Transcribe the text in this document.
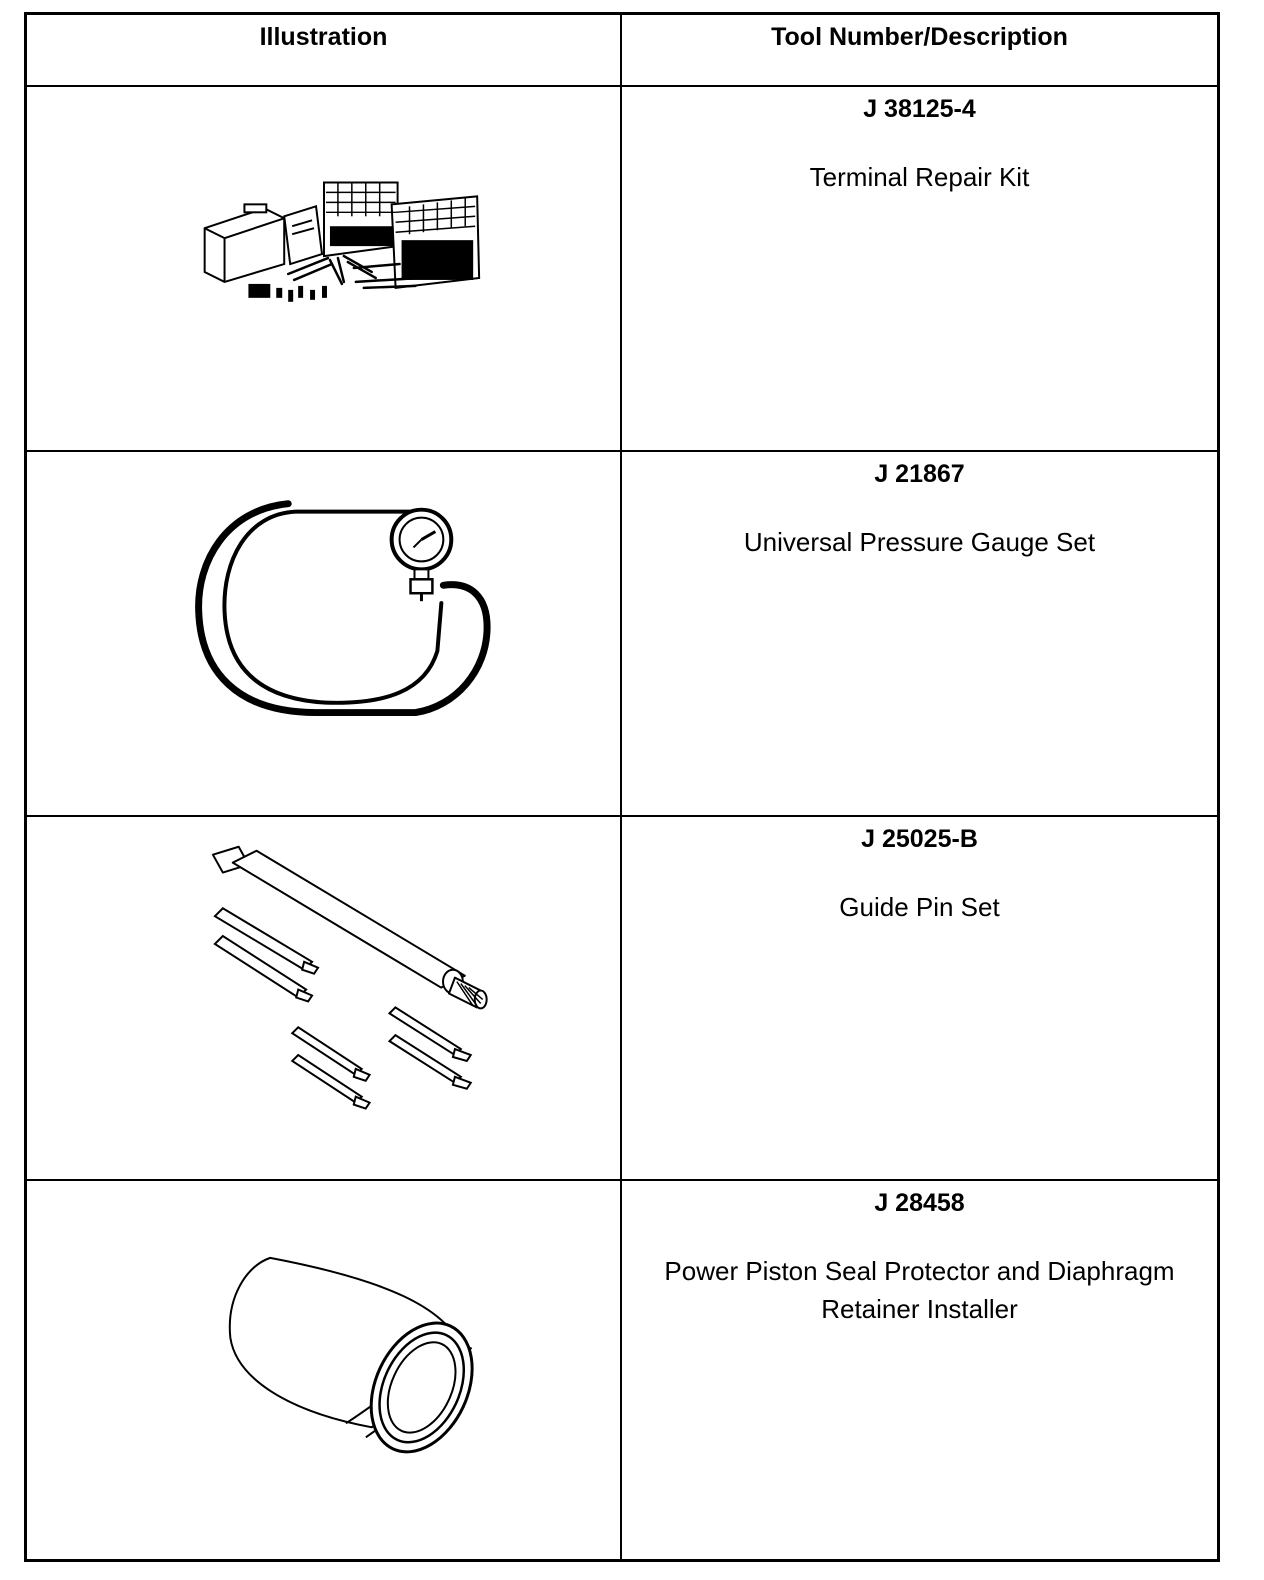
Illustration	Tool Number/Description
J 38125-4
Terminal Repair Kit
J 21867
Universal Pressure Gauge Set
J 25025-B
Guide Pin Set
J 28458
Power Piston Seal Protector and Diaphragm Retainer Installer
